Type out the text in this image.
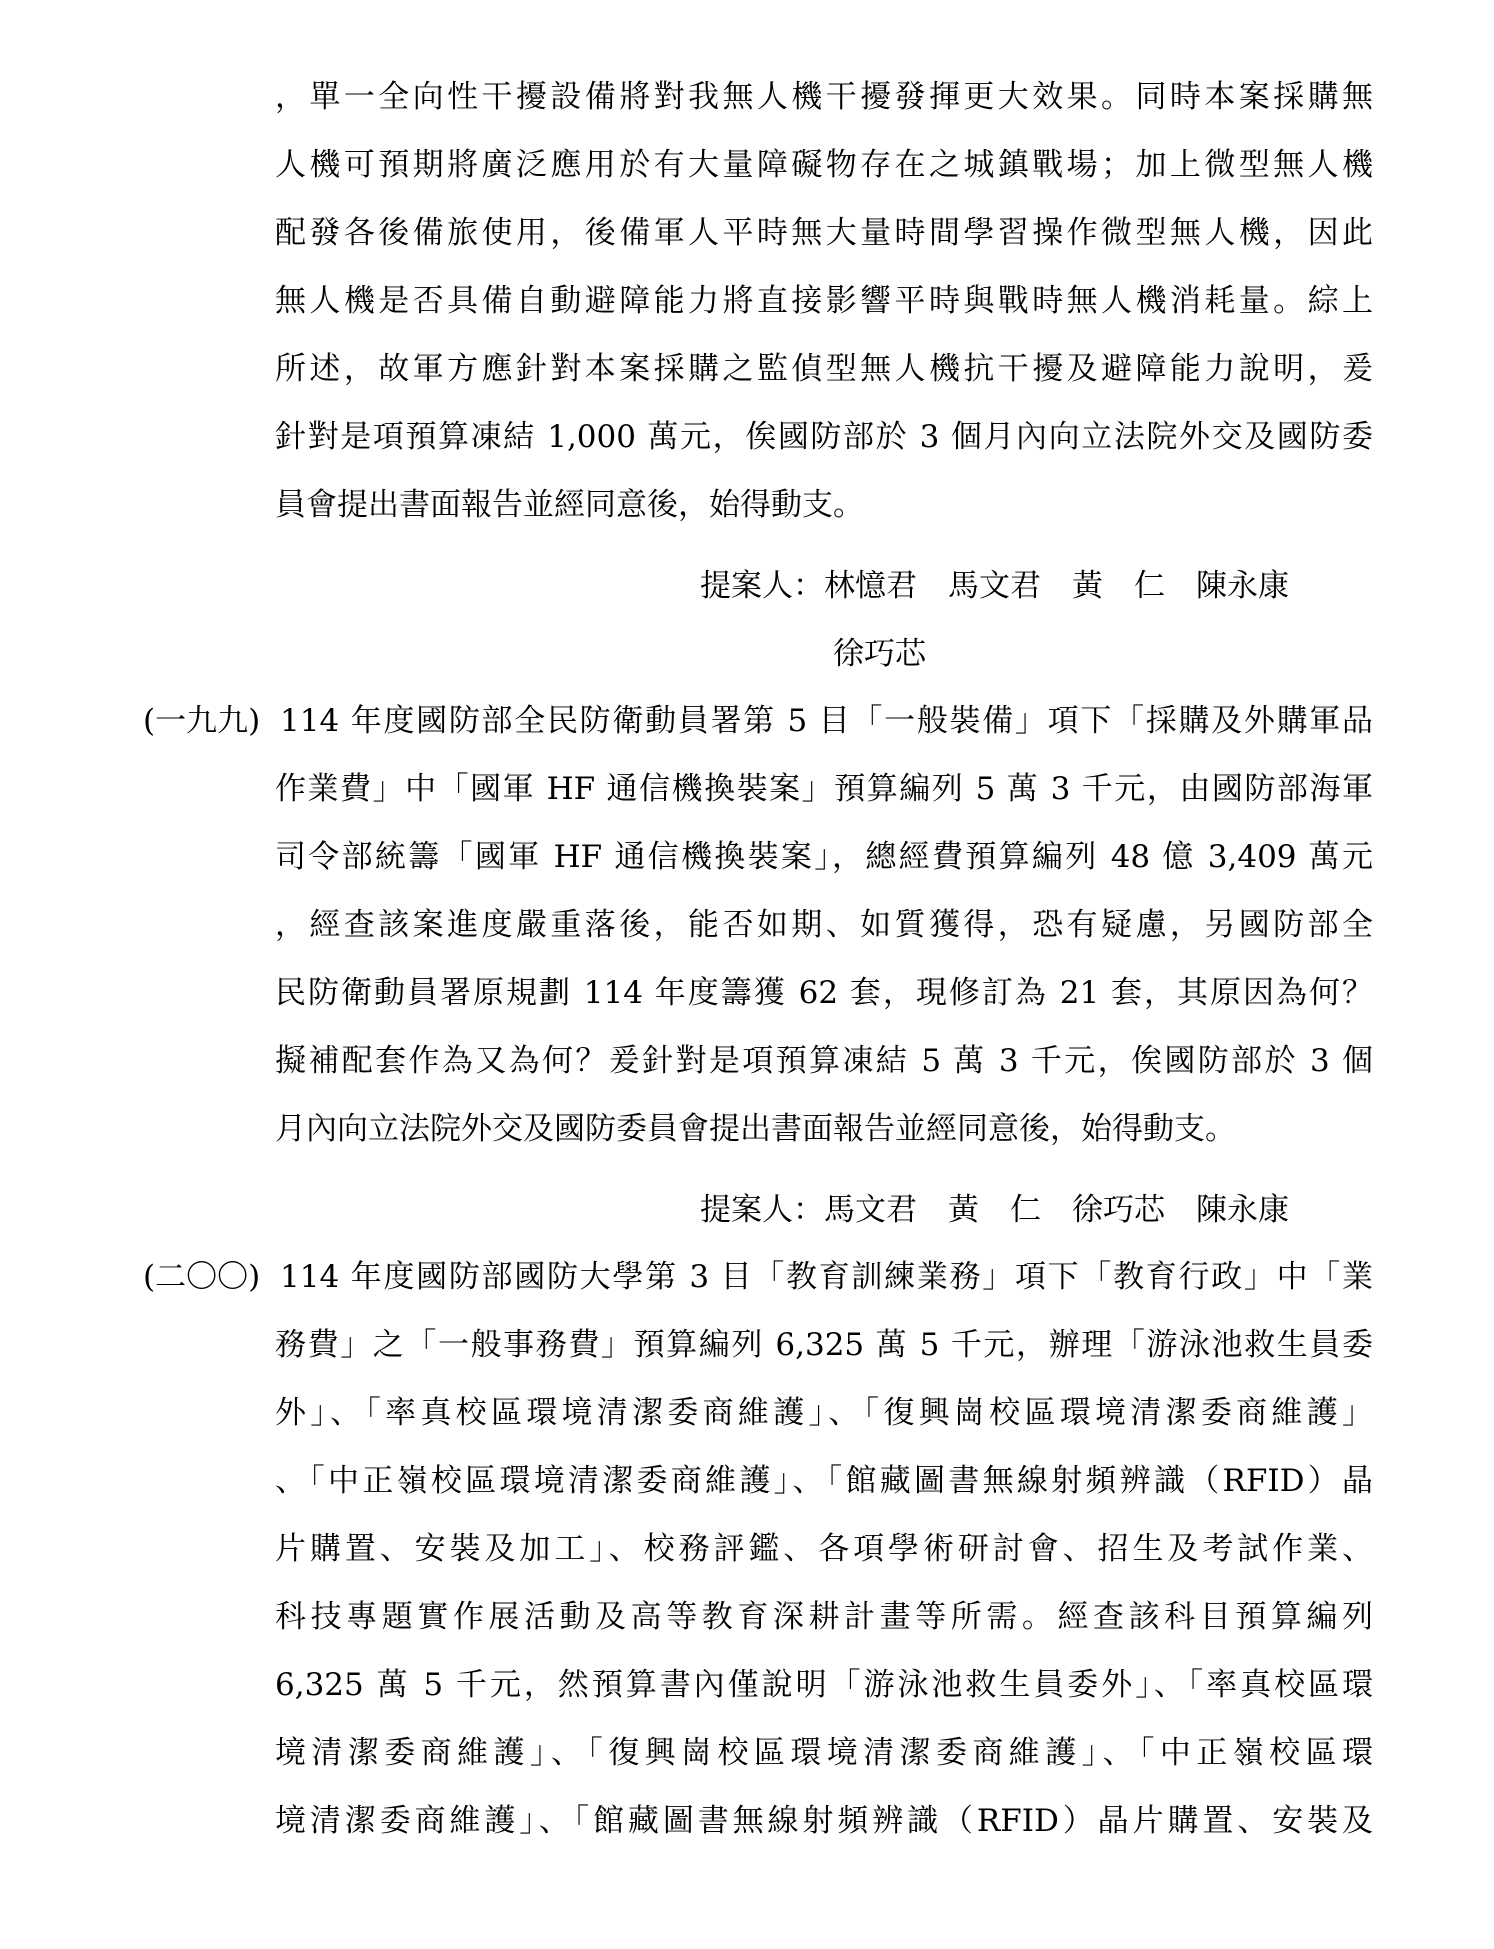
，單一全向性干擾設備將對我無人機干擾發揮更大效果。同時本案採購無
人機可預期將廣泛應用於有大量障礙物存在之城鎮戰場；加上微型無人機
配發各後備旅使用，後備軍人平時無大量時間學習操作微型無人機，因此
無人機是否具備自動避障能力將直接影響平時與戰時無人機消耗量。綜上
所述，故軍方應針對本案採購之監偵型無人機抗干擾及避障能力說明，爰
針對是項預算凍結 1,000 萬元，俟國防部於 3 個月內向立法院外交及國防委
員會提出書面報告並經同意後，始得動支。
提案人：林憶君　馬文君　黃　仁　陳永康
徐巧芯
(一九九) 114 年度國防部全民防衛動員署第 5 目「一般裝備」項下「採購及外購軍品
作業費」中「國軍 HF 通信機換裝案」預算編列 5 萬 3 千元，由國防部海軍
司令部統籌「國軍 HF 通信機換裝案」，總經費預算編列 48 億 3,409 萬元
，經查該案進度嚴重落後，能否如期、如質獲得，恐有疑慮，另國防部全
民防衛動員署原規劃 114 年度籌獲 62 套，現修訂為 21 套，其原因為何？
擬補配套作為又為何？爰針對是項預算凍結 5 萬 3 千元，俟國防部於 3 個
月內向立法院外交及國防委員會提出書面報告並經同意後，始得動支。
提案人：馬文君　黃　仁　徐巧芯　陳永康
(二〇〇) 114 年度國防部國防大學第 3 目「教育訓練業務」項下「教育行政」中「業
務費」之「一般事務費」預算編列 6,325 萬 5 千元，辦理「游泳池救生員委
外」、「率真校區環境清潔委商維護」、「復興崗校區環境清潔委商維護」
、「中正嶺校區環境清潔委商維護」、「館藏圖書無線射頻辨識（RFID）晶
片購置、安裝及加工」、校務評鑑、各項學術研討會、招生及考試作業、
科技專題實作展活動及高等教育深耕計畫等所需。經查該科目預算編列
6,325 萬 5 千元，然預算書內僅說明「游泳池救生員委外」、「率真校區環
境清潔委商維護」、「復興崗校區環境清潔委商維護」、「中正嶺校區環
境清潔委商維護」、「館藏圖書無線射頻辨識（RFID）晶片購置、安裝及
